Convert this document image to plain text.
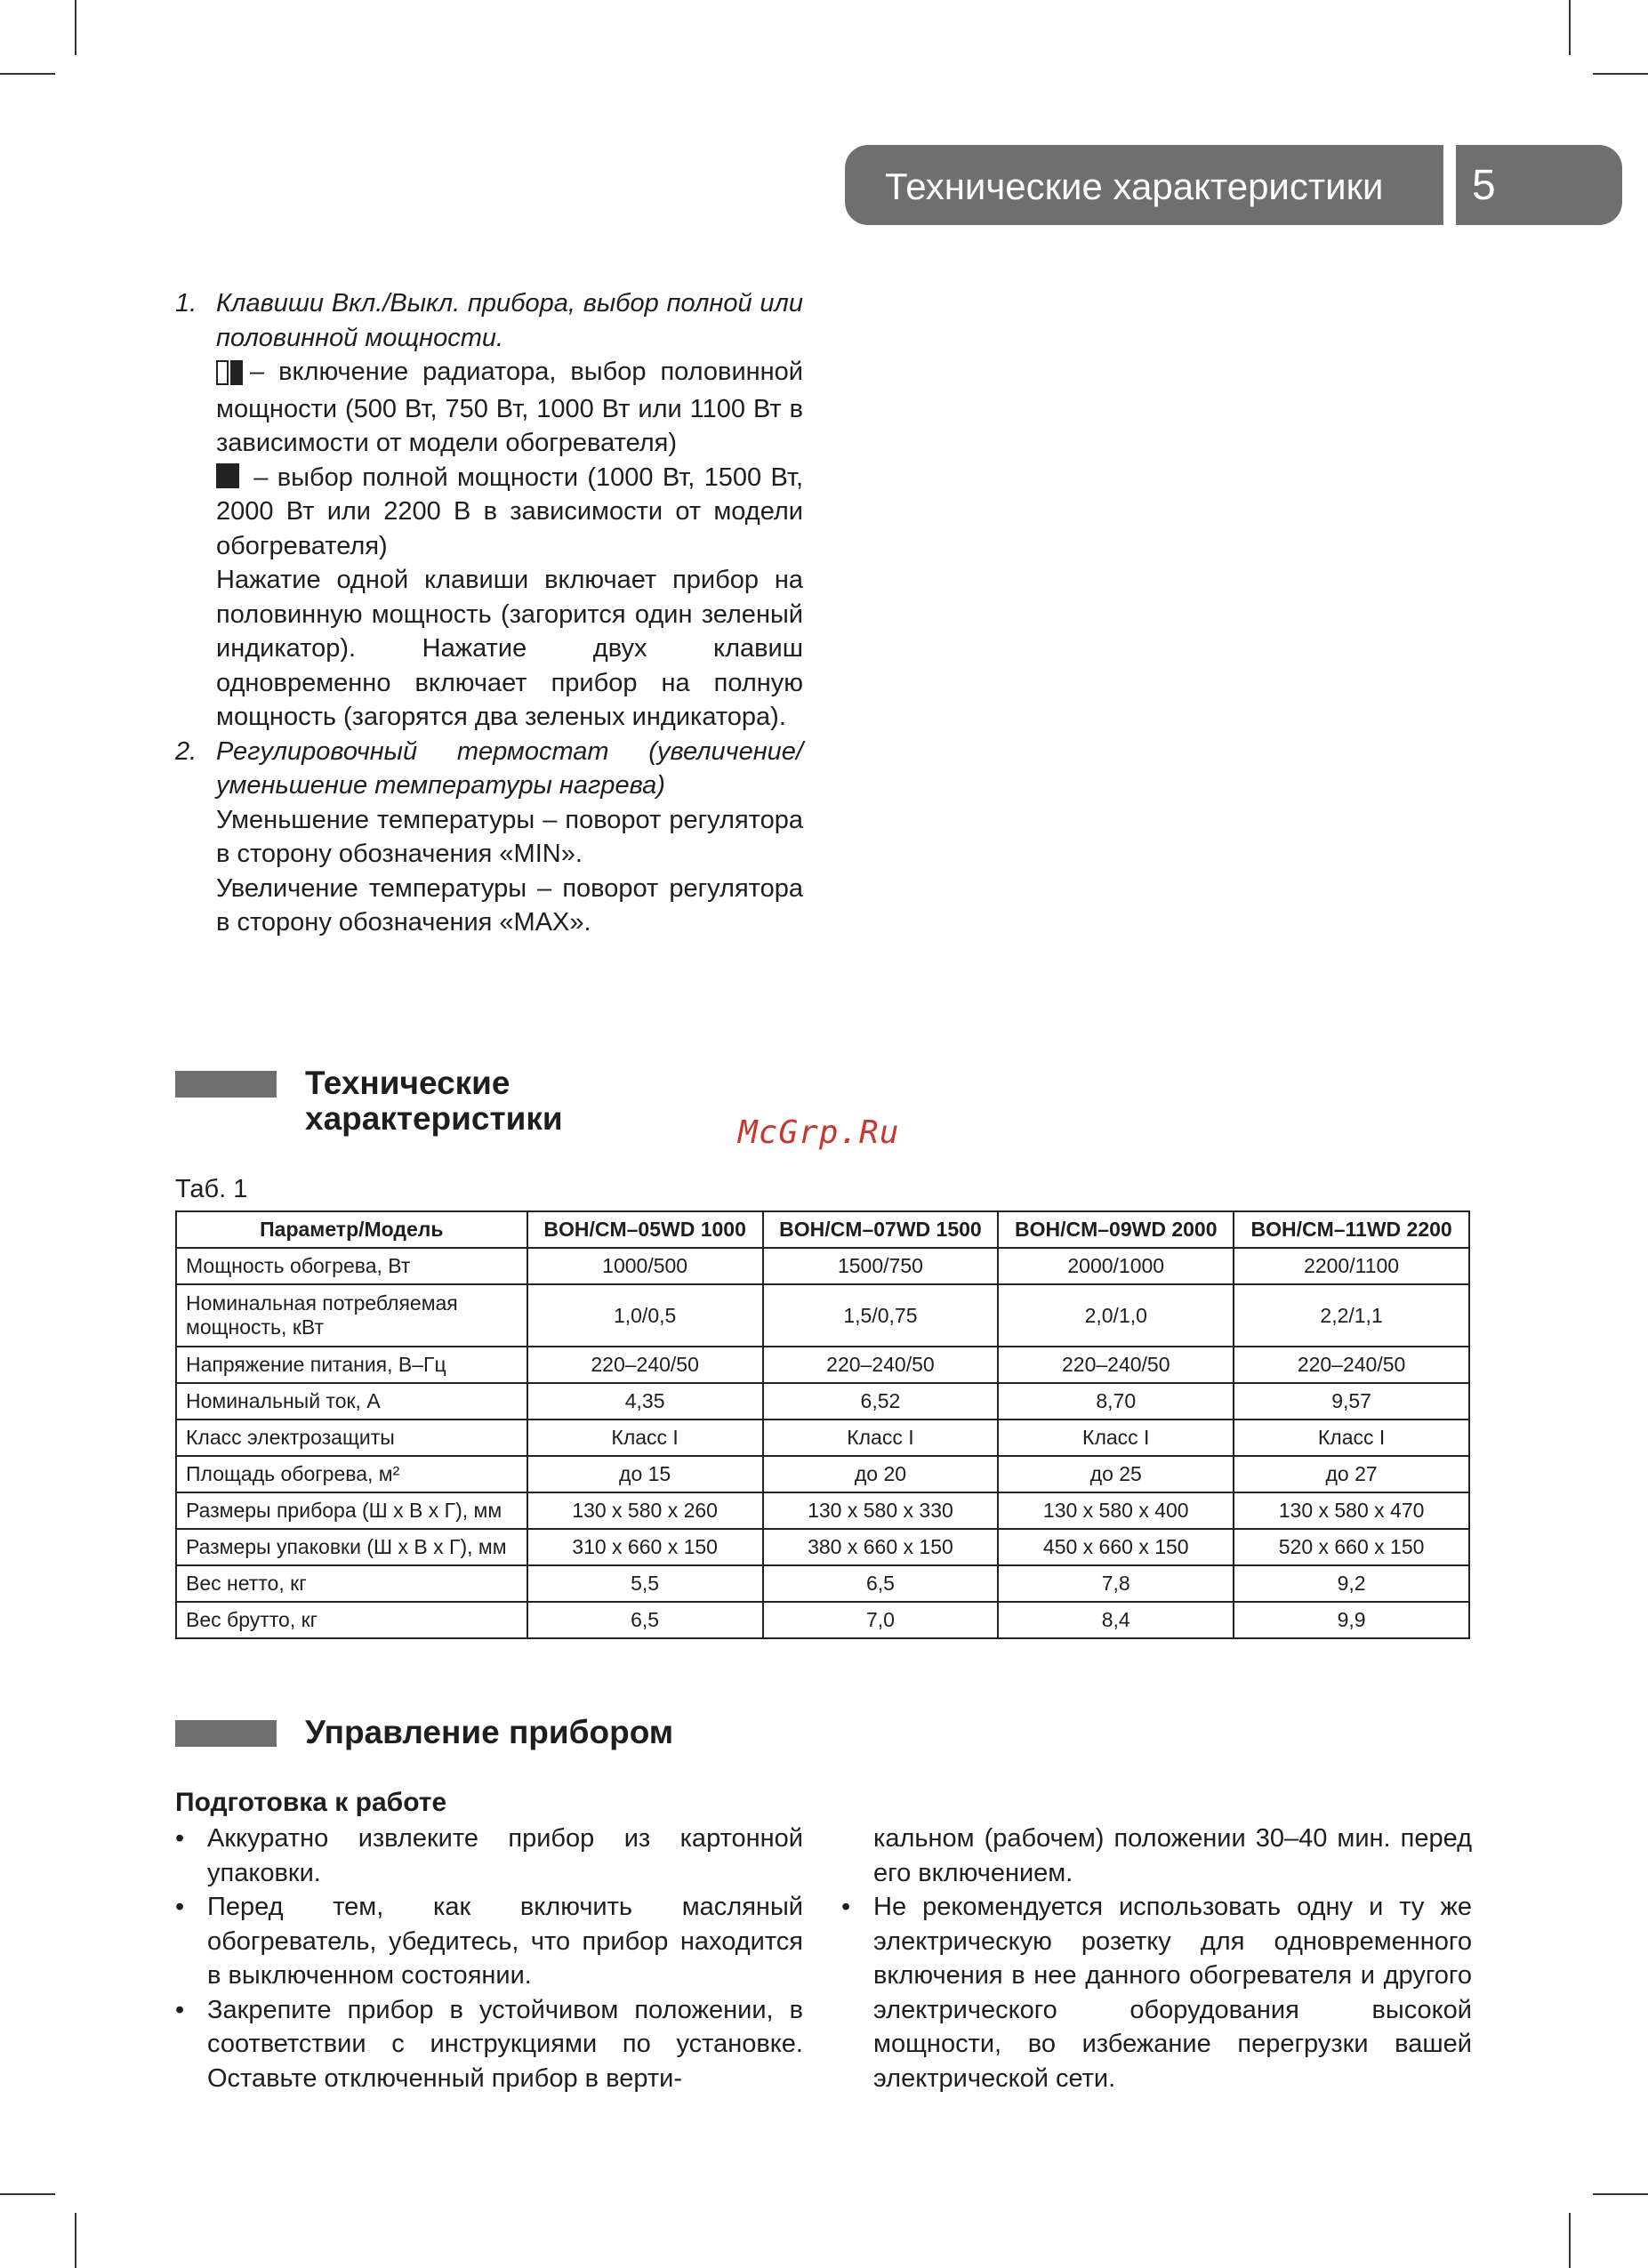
Технические характеристики 5
1. Клавиши Вкл./Выкл. прибора, выбор полной или половинной мощности.

– включение радиатора, выбор половинной мощности (500 Вт, 750 Вт, 1000 Вт или 1100 Вт в зависимости от модели обогревателя)

– выбор полной мощности (1000 Вт, 1500 Вт, 2000 Вт или 2200 В в зависимости от модели обогревателя)

Нажатие одной клавиши включает прибор на половинную мощность (загорится один зеленый индикатор). Нажатие двух клавиш одновременно включает прибор на полную мощность (загорятся два зеленых индикатора).

2. Регулировочный термостат (увеличение/ уменьшение температуры нагрева)

Уменьшение температуры – поворот регулятора в сторону обозначения «MIN».

Увеличение температуры – поворот регулятора в сторону обозначения «MAX».

Технические
характеристики	McGrp.Ru
Таб. 1
Параметр/Модель	BOH/CM–05WD 1000	BOH/CM–07WD 1500	BOH/CM–09WD 2000	BOH/CM–11WD 2200
Мощность обогрева, Вт	1000/500	1500/750	2000/1000	2200/1100
Номинальная потребляемая мощность, кВт	1,0/0,5	1,5/0,75	2,0/1,0	2,2/1,1
Напряжение питания, В–Гц	220–240/50	220–240/50	220–240/50	220–240/50
Номинальный ток, А	4,35	6,52	8,70	9,57
Класс электрозащиты	Класс I	Класс I	Класс I	Класс I
Площадь обогрева, м²	до 15	до 20	до 25	до 27
Размеры прибора (Ш x В x Г), мм	130 x 580 x 260	130 x 580 x 330	130 x 580 x 400	130 x 580 x 470
Размеры упаковки (Ш x В x Г), мм	310 x 660 x 150	380 x 660 x 150	450 x 660 x 150	520 x 660 x 150
Вес нетто, кг	5,5	6,5	7,8	9,2
Вес брутто, кг	6,5	7,0	8,4	9,9
Управление прибором
Подготовка к работе
• Аккуратно извлеките прибор из картонной упаковки.
• Перед тем, как включить масляный обогреватель, убедитесь, что прибор находится в выключенном состоянии.
• Закрепите прибор в устойчивом положении, в соответствии с инструкциями по установке. Оставьте отключенный прибор в верти-
кальном (рабочем) положении 30–40 мин. перед его включением.
• Не рекомендуется использовать одну и ту же электрическую розетку для одновременного включения в нее данного обогревателя и другого электрического оборудования высокой мощности, во избежание перегрузки вашей электрической сети.
